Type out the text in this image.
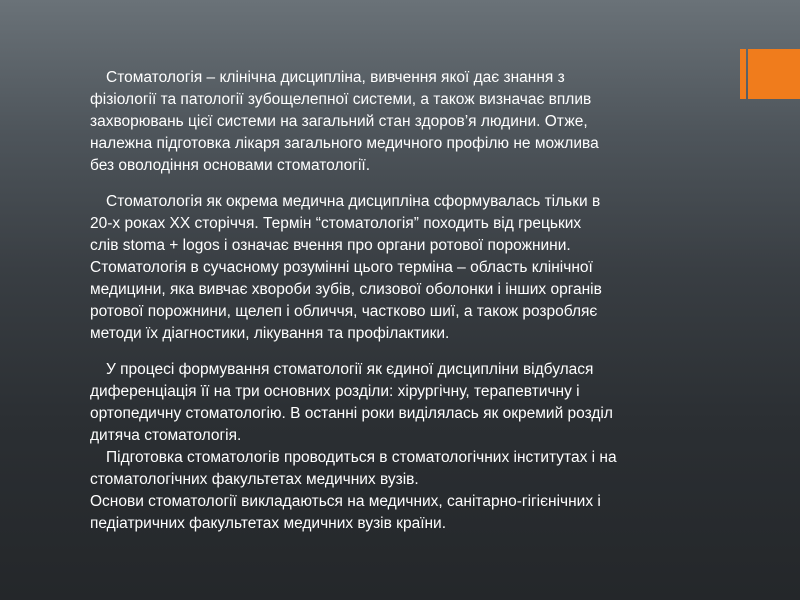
Стоматологія – клінічна дисципліна, вивчення якої дає знання з
фізіології та патології зубощелепної системи, а також визначає вплив
захворювань цієї системи на загальний стан здоров’я людини. Отже,
належна підготовка лікаря загального медичного профілю не можлива
без оволодіння основами стоматології.
Стоматологія як окрема медична дисципліна сформувалась тільки в
20-х роках ХХ сторіччя. Термін “стоматологія” походить від грецьких
слів stoma + logos і означає вчення про органи ротової порожнини.
Стоматологія в сучасному розумінні цього терміна – область клінічної
медицини, яка вивчає хвороби зубів, слизової оболонки і інших органів
ротової порожнини, щелеп і обличчя, частково шиї, а також розробляє
методи їх діагностики, лікування та профілактики.
У процесі формування стоматології як єдиної дисципліни відбулася
диференціація її на три основних розділи: хірургічну, терапевтичну і
ортопедичну стоматологію. В останні роки виділялась як окремий розділ
дитяча стоматологія.
Підготовка стоматологів проводиться в стоматологічних інститутах і на
стоматологічних факультетах медичних вузів.
Основи стоматології викладаються на медичних, санітарно-гігієнічних і
педіатричних факультетах медичних вузів країни.
